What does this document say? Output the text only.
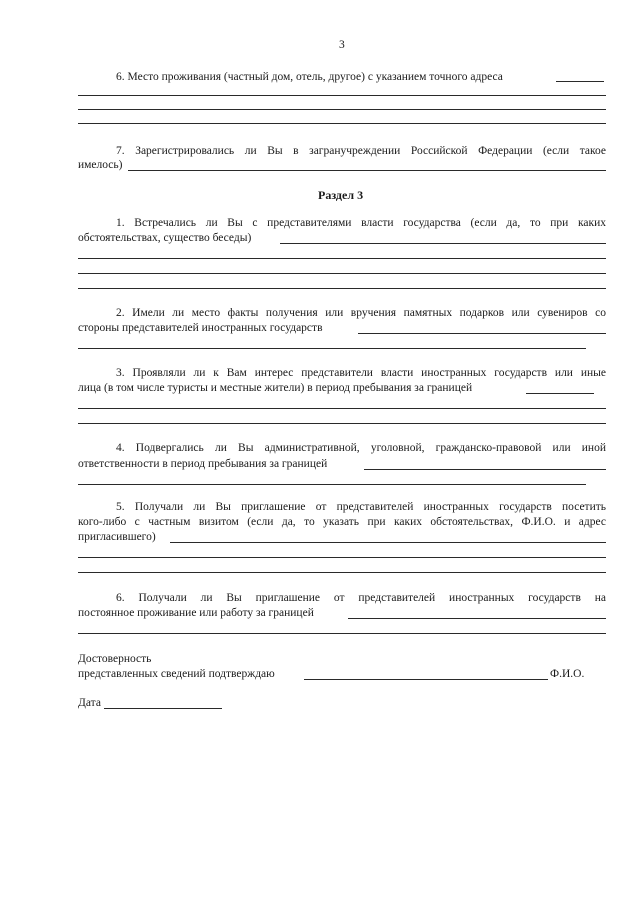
3
6. Место проживания (частный дом, отель, другое) с указанием точного адреса
7. Зарегистрировались ли Вы в загранучреждении Российской Федерации (если такое
имелось)
Раздел 3
1. Встречались ли Вы с представителями власти государства (если да, то при каких
обстоятельствах, существо беседы)
2. Имели ли место факты получения или вручения памятных подарков или сувениров со
стороны представителей иностранных государств
3. Проявляли ли к Вам интерес представители власти иностранных государств или иные
лица (в том числе туристы и местные жители) в период пребывания за границей
4. Подвергались ли Вы административной, уголовной, гражданско-правовой или иной
ответственности в период пребывания за границей
5. Получали ли Вы приглашение от представителей иностранных государств посетить
кого-либо с частным визитом (если да, то указать при каких обстоятельствах, Ф.И.О. и адрес
пригласившего)
6. Получали ли Вы приглашение от представителей иностранных государств на
постоянное проживание или работу за границей
Достоверность
представленных сведений подтверждаю	Ф.И.О.
Дата
